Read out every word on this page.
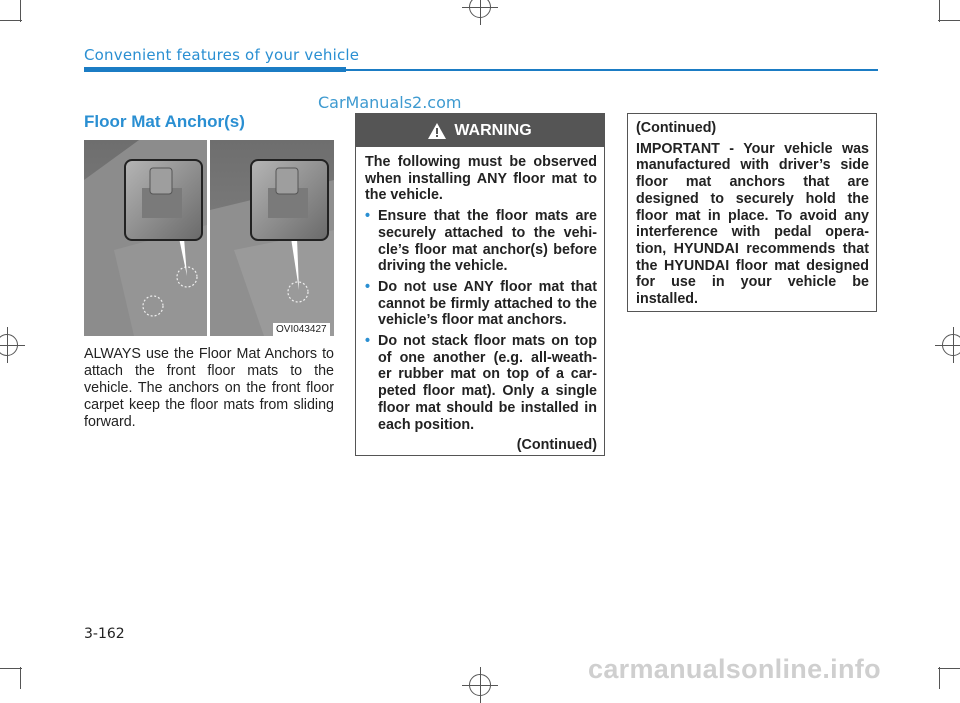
Convenient features of your vehicle
CarManuals2.com
Floor Mat Anchor(s)
OVI043427
ALWAYS use the Floor Mat Anchors to attach the front floor mats to the vehicle. The anchors on the front floor carpet keep the floor mats from sliding forward.
WARNING

The following must be observed when installing ANY floor mat to the vehicle.

• Ensure that the floor mats are securely attached to the vehi- cle’s floor mat anchor(s) before driving the vehicle.
• Do not use ANY floor mat that cannot be firmly attached to the vehicle’s floor mat anchors.
• Do not stack floor mats on top of one another (e.g. all-weath- er rubber mat on top of a car- peted floor mat). Only a single floor mat should be installed in each position.
(Continued)

(Continued)

IMPORTANT - Your vehicle was manufactured with driver’s side floor mat anchors that are designed to securely hold the floor mat in place. To avoid any interference with pedal opera- tion, HYUNDAI recommends that the HYUNDAI floor mat designed for use in your vehicle be installed.

3-162
carmanualsonline.info
